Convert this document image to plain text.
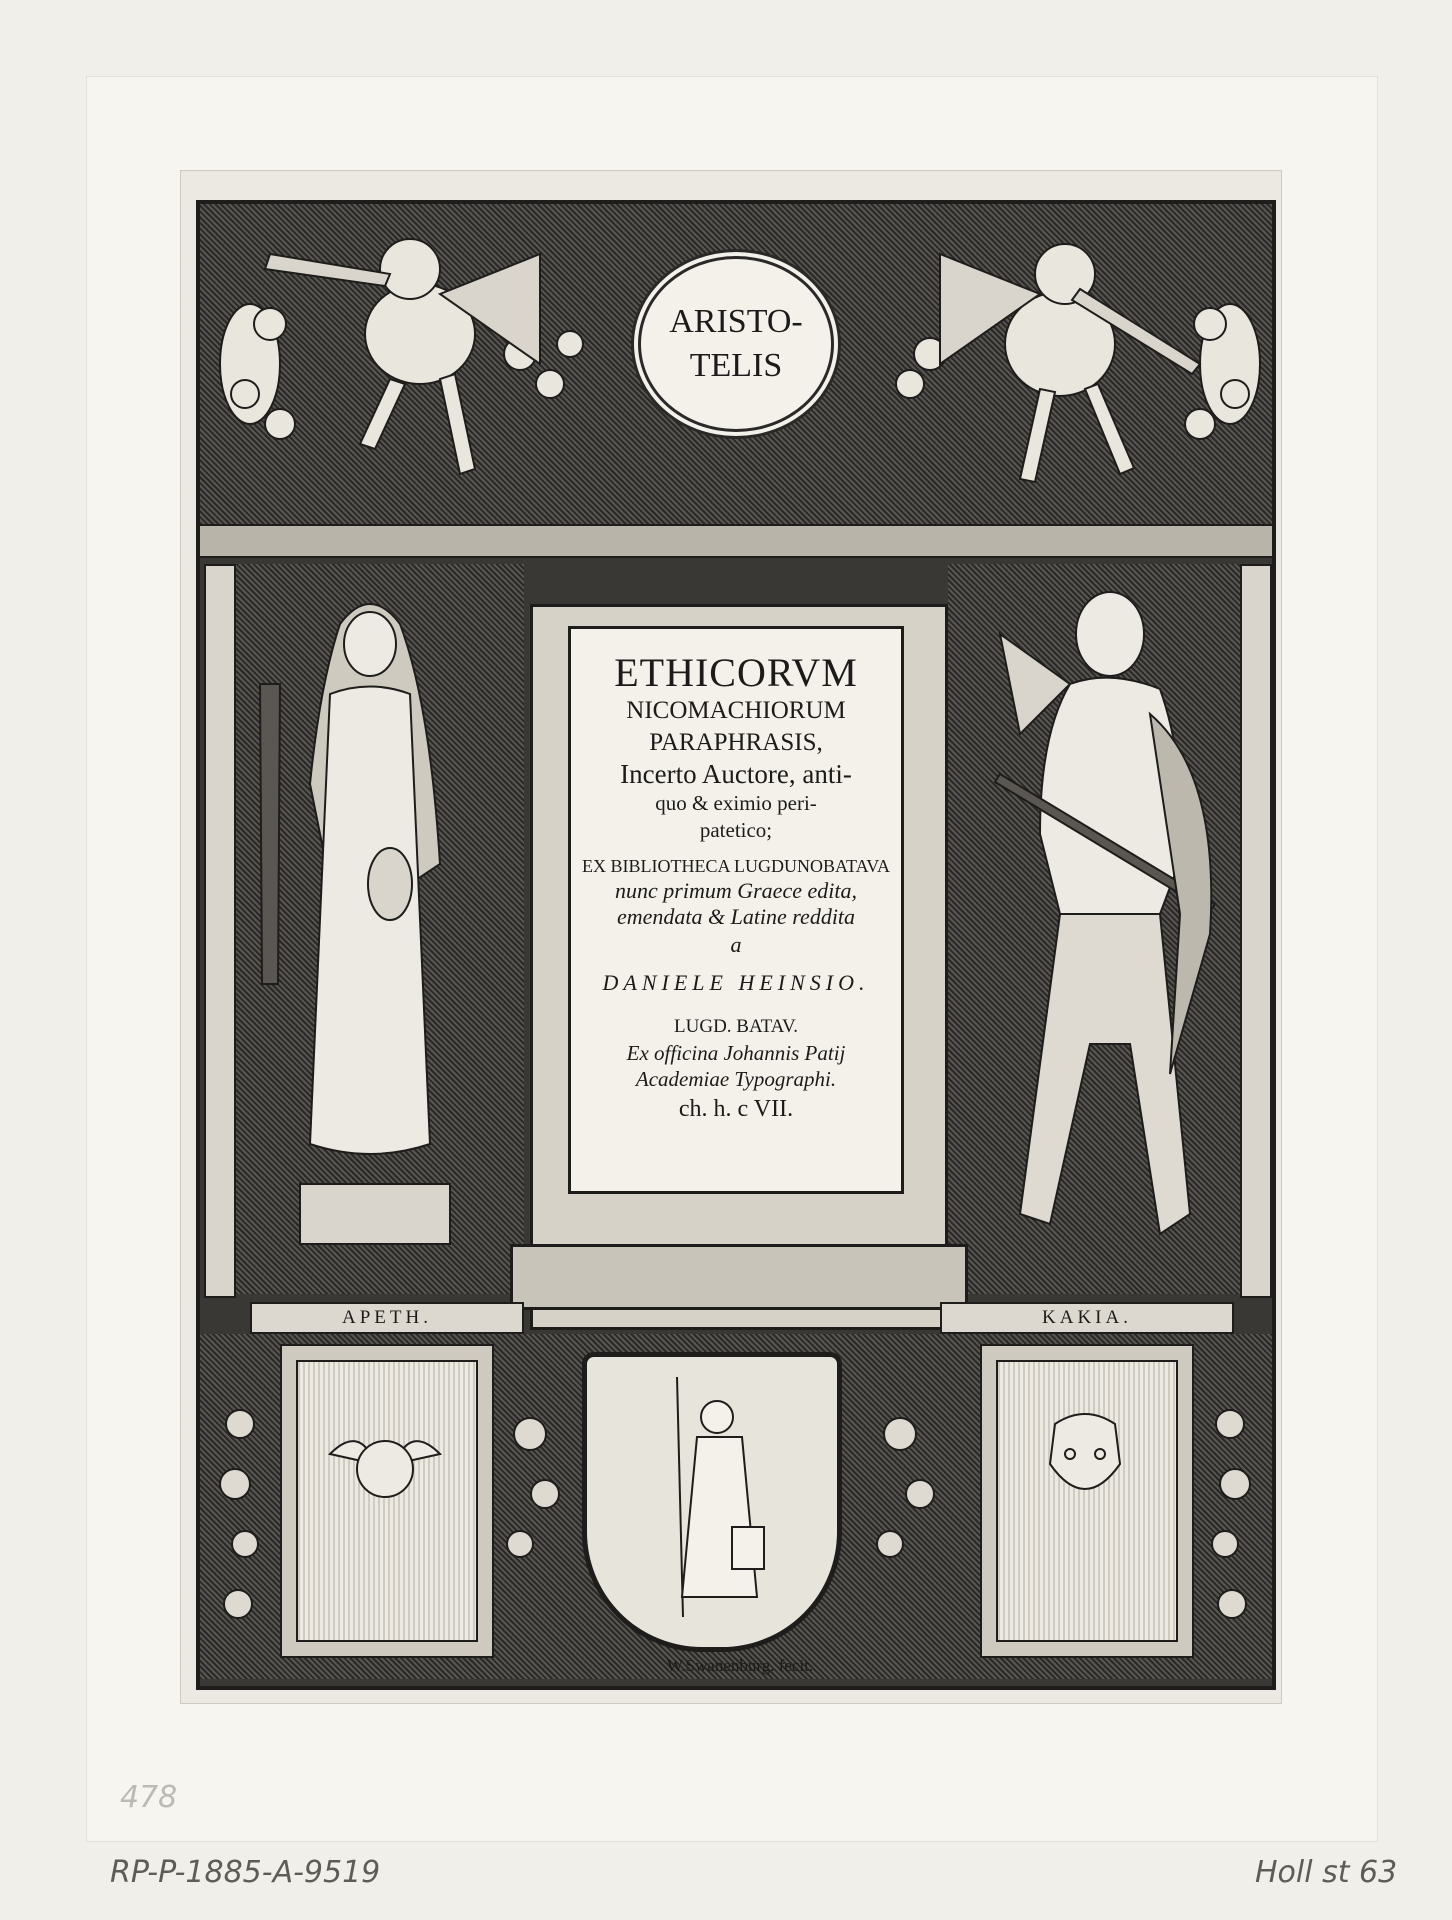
ARISTO-
TELIS
ETHICORVM
NICOMACHIORUM
PARAPHRASIS,
Incerto Auctore, anti-
quo & eximio peri-
patetico;
EX BIBLIOTHECA LUGDUNOBATAVA
nunc primum Graece edita,
emendata & Latine reddita
a
DANIELE HEINSIO.
LUGD. BATAV.
Ex officina Johannis Patij
Academiae Typographi.
ch. h. c VII.
APETH.	KAKIA.
W.Swanenburg. fecit.
478
RP-P-1885-A-9519	Holl st 63
